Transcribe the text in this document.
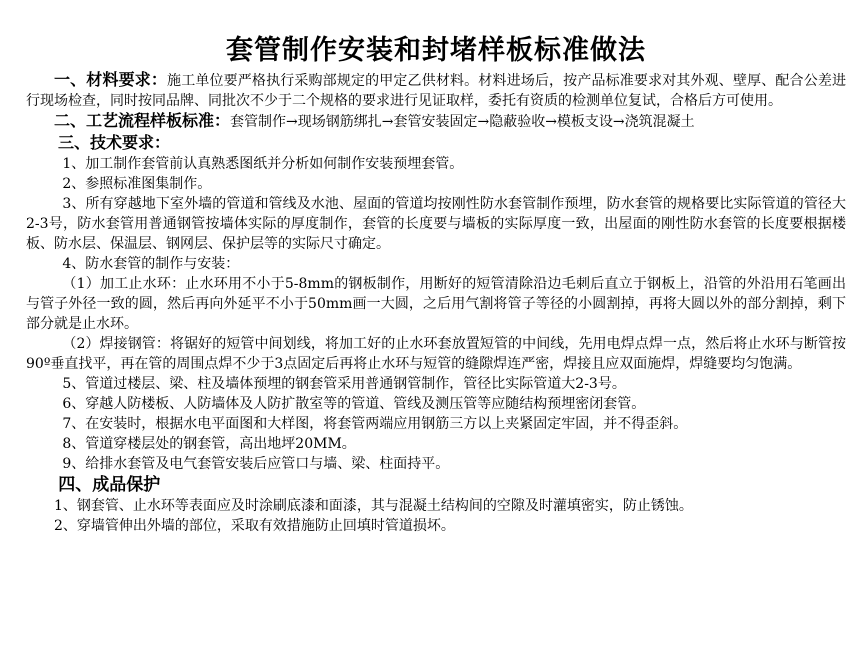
套管制作安装和封堵样板标准做法

一、材料要求：施工单位要严格执行采购部规定的甲定乙供材料。材料进场后，按产品标准要求对其外观、壁厚、配合公差进行现场检查，同时按同品牌、同批次不少于二个规格的要求进行见证取样，委托有资质的检测单位复试，合格后方可使用。

二、工艺流程样板标准：套管制作→现场钢筋绑扎→套管安装固定→隐蔽验收→模板支设→浇筑混凝土

三、技术要求：

1、加工制作套管前认真熟悉图纸并分析如何制作安装预埋套管。

2、参照标准图集制作。

3、所有穿越地下室外墙的管道和管线及水池、屋面的管道均按刚性防水套管制作预埋，防水套管的规格要比实际管道的管径大2-3号，防水套管用普通钢管按墙体实际的厚度制作，套管的长度要与墙板的实际厚度一致，出屋面的刚性防水套管的长度要根据楼板、防水层、保温层、钢网层、保护层等的实际尺寸确定。

4、防水套管的制作与安装：

（1）加工止水环：止水环用不小于5-8mm的钢板制作，用断好的短管清除沿边毛刺后直立于钢板上，沿管的外沿用石笔画出与管子外径一致的圆，然后再向外延平不小于50mm画一大圆，之后用气割将管子等径的小圆割掉，再将大圆以外的部分割掉，剩下部分就是止水环。

（2）焊接钢管：将锯好的短管中间划线，将加工好的止水环套放置短管的中间线，先用电焊点焊一点，然后将止水环与断管按90º垂直找平，再在管的周围点焊不少于3点固定后再将止水环与短管的缝隙焊连严密，焊接且应双面施焊，焊缝要均匀饱满。

5、管道过楼层、梁、柱及墙体预埋的钢套管采用普通钢管制作，管径比实际管道大2-3号。

6、穿越人防楼板、人防墙体及人防扩散室等的管道、管线及测压管等应随结构预埋密闭套管。

7、在安装时，根据水电平面图和大样图，将套管两端应用钢筋三方以上夹紧固定牢固，并不得歪斜。

8、管道穿楼层处的钢套管，高出地坪20MM。

9、给排水套管及电气套管安装后应管口与墙、梁、柱面持平。

四、成品保护

1、钢套管、止水环等表面应及时涂刷底漆和面漆，其与混凝土结构间的空隙及时灌填密实，防止锈蚀。

2、穿墙管伸出外墙的部位，采取有效措施防止回填时管道损坏。
